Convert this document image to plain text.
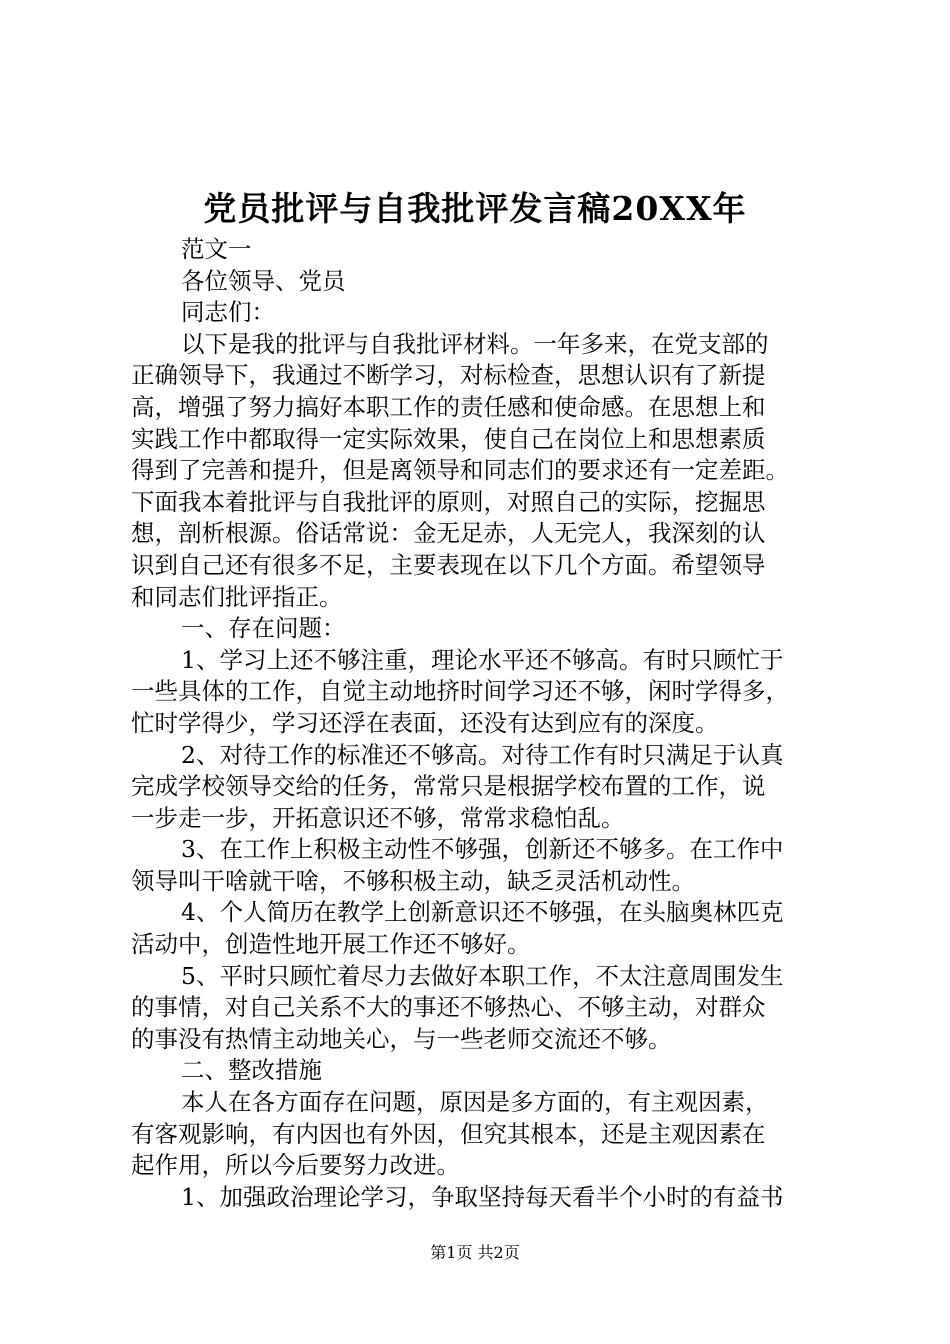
党员批评与自我批评发言稿20XX年
范文一
各位领导、党员
同志们：
以下是我的批评与自我批评材料。一年多来，在党支部的
正确领导下，我通过不断学习，对标检查，思想认识有了新提
高，增强了努力搞好本职工作的责任感和使命感。在思想上和
实践工作中都取得一定实际效果，使自己在岗位上和思想素质
得到了完善和提升，但是离领导和同志们的要求还有一定差距。
下面我本着批评与自我批评的原则，对照自己的实际，挖掘思
想，剖析根源。俗话常说：金无足赤，人无完人，我深刻的认
识到自己还有很多不足，主要表现在以下几个方面。希望领导
和同志们批评指正。
一、存在问题：
1、学习上还不够注重，理论水平还不够高。有时只顾忙于
一些具体的工作，自觉主动地挤时间学习还不够，闲时学得多，
忙时学得少，学习还浮在表面，还没有达到应有的深度。
2、对待工作的标准还不够高。对待工作有时只满足于认真
完成学校领导交给的任务，常常只是根据学校布置的工作，说
一步走一步，开拓意识还不够，常常求稳怕乱。
3、在工作上积极主动性不够强，创新还不够多。在工作中
领导叫干啥就干啥，不够积极主动，缺乏灵活机动性。
4、个人简历在教学上创新意识还不够强，在头脑奥林匹克
活动中，创造性地开展工作还不够好。
5、平时只顾忙着尽力去做好本职工作，不太注意周围发生
的事情，对自己关系不大的事还不够热心、不够主动，对群众
的事没有热情主动地关心，与一些老师交流还不够。
二、整改措施
本人在各方面存在问题，原因是多方面的，有主观因素，
有客观影响，有内因也有外因，但究其根本，还是主观因素在
起作用，所以今后要努力改进。
1、加强政治理论学习，争取坚持每天看半个小时的有益书
第1页 共2页
